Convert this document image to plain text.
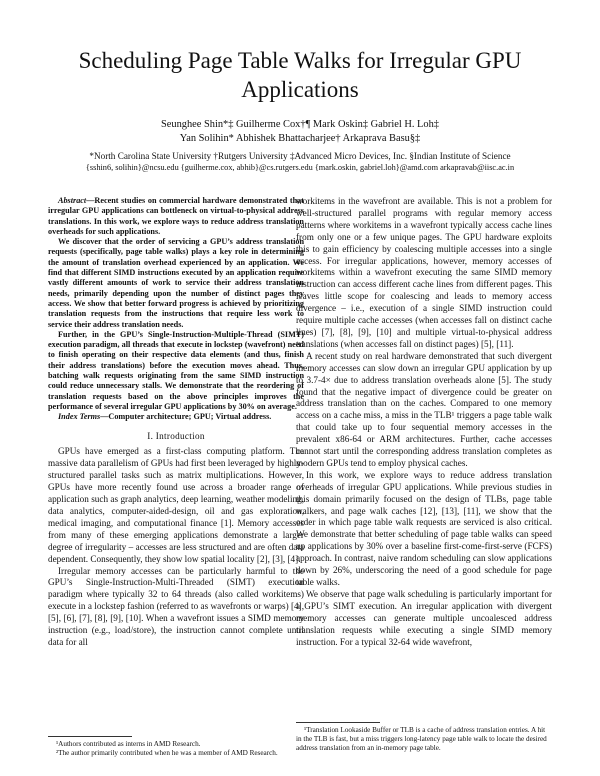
Scheduling Page Table Walks for Irregular GPU Applications
Seunghee Shin*‡ Guilherme Cox†¶ Mark Oskin‡ Gabriel H. Loh‡
Yan Solihin* Abhishek Bhattacharjee† Arkaprava Basu§‡
*North Carolina State University †Rutgers University ‡Advanced Micro Devices, Inc. §Indian Institute of Science
{sshin6, solihin}@ncsu.edu {guilherme.cox, abhib}@cs.rutgers.edu {mark.oskin, gabriel.loh}@amd.com arkapravab@iisc.ac.in

Abstract—Recent studies on commercial hardware demonstrated that irregular GPU applications can bottleneck on virtual-to-physical address translations. In this work, we explore ways to reduce address translation overheads for such applications.

We discover that the order of servicing a GPU’s address translation requests (specifically, page table walks) plays a key role in determining the amount of translation overhead experienced by an application. We find that different SIMD instructions executed by an application require vastly different amounts of work to service their address translation needs, primarily depending upon the number of distinct pages they access. We show that better forward progress is achieved by prioritizing translation requests from the instructions that require less work to service their address translation needs.

Further, in the GPU’s Single-Instruction-Multiple-Thread (SIMT) execution paradigm, all threads that execute in lockstep (wavefront) need to finish operating on their respective data elements (and thus, finish their address translations) before the execution moves ahead. Thus, batching walk requests originating from the same SIMD instruction could reduce unnecessary stalls. We demonstrate that the reordering of translation requests based on the above principles improves the performance of several irregular GPU applications by 30% on average.

Index Terms—Computer architecture; GPU; Virtual address.

I. Introduction

GPUs have emerged as a first-class computing platform. The massive data parallelism of GPUs had first been leveraged by highly-structured parallel tasks such as matrix multiplications. However, GPUs have more recently found use across a broader range of application such as graph analytics, deep learning, weather modeling, data analytics, computer-aided-design, oil and gas exploration, medical imaging, and computational finance [1]. Memory accesses from many of these emerging applications demonstrate a larger degree of irregularity – accesses are less structured and are often data dependent. Consequently, they show low spatial locality [2], [3], [4].

Irregular memory accesses can be particularly harmful to the GPU’s Single-Instruction-Multi-Threaded (SIMT) execution paradigm where typically 32 to 64 threads (also called workitems) execute in a lockstep fashion (referred to as wavefronts or warps) [4], [5], [6], [7], [8], [9], [10]. When a wavefront issues a SIMD memory instruction (e.g., load/store), the instruction cannot complete until data for all

¹Authors contributed as interns in AMD Research.

²The author primarily contributed when he was a member of AMD Research.

workitems in the wavefront are available. This is not a problem for well-structured parallel programs with regular memory access patterns where workitems in a wavefront typically access cache lines from only one or a few unique pages. The GPU hardware exploits this to gain efficiency by coalescing multiple accesses into a single access. For irregular applications, however, memory accesses of workitems within a wavefront executing the same SIMD memory instruction can access different cache lines from different pages. This leaves little scope for coalescing and leads to memory access divergence – i.e., execution of a single SIMD instruction could require multiple cache accesses (when accesses fall on distinct cache lines) [7], [8], [9], [10] and multiple virtual-to-physical address translations (when accesses fall on distinct pages) [5], [11].

A recent study on real hardware demonstrated that such divergent memory accesses can slow down an irregular GPU application by up to 3.7-4× due to address translation overheads alone [5]. The study found that the negative impact of divergence could be greater on address translation than on the caches. Compared to one memory access on a cache miss, a miss in the TLB¹ triggers a page table walk that could take up to four sequential memory accesses in the prevalent x86-64 or ARM architectures. Further, cache accesses cannot start until the corresponding address translation completes as modern GPUs tend to employ physical caches.

In this work, we explore ways to reduce address translation overheads of irregular GPU applications. While previous studies in this domain primarily focused on the design of TLBs, page table walkers, and page walk caches [12], [13], [11], we show that the order in which page table walk requests are serviced is also critical. We demonstrate that better scheduling of page table walks can speed up applications by 30% over a baseline first-come-first-serve (FCFS) approach. In contrast, naive random scheduling can slow applications down by 26%, underscoring the need of a good schedule for page table walks.

We observe that page walk scheduling is particularly important for a GPU’s SIMT execution. An irregular application with divergent memory accesses can generate multiple uncoalesced address translation requests while executing a single SIMD memory instruction. For a typical 32-64 wide wavefront,

¹Translation Lookaside Buffer or TLB is a cache of address translation entries. A hit in the TLB is fast, but a miss triggers long-latency page table walk to locate the desired address translation from an in-memory page table.
